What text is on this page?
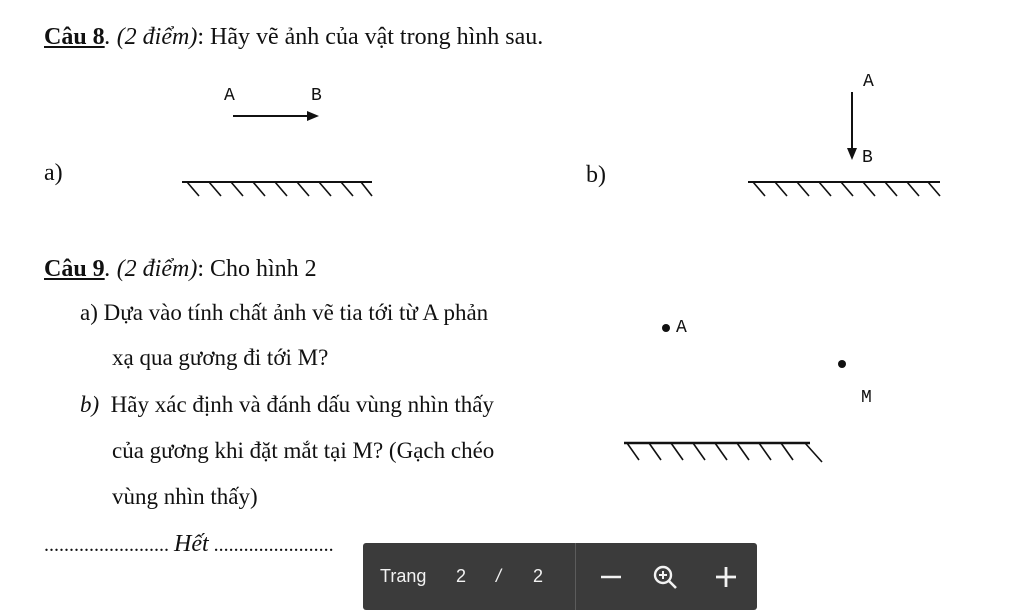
Câu 8. (2 điểm): Hãy vẽ ảnh của vật trong hình sau.
a)	b)
A	B
A
B
Câu 9. (2 điểm): Cho hình 2
a) Dựa vào tính chất ảnh vẽ tia tới từ A phản
xạ qua gương đi tới M?
b) Hãy xác định và đánh dấu vùng nhìn thấy
của gương khi đặt mắt tại M? (Gạch chéo
vùng nhìn thấy)
A
M
......................... Hết ........................
Trang 2 / 2
